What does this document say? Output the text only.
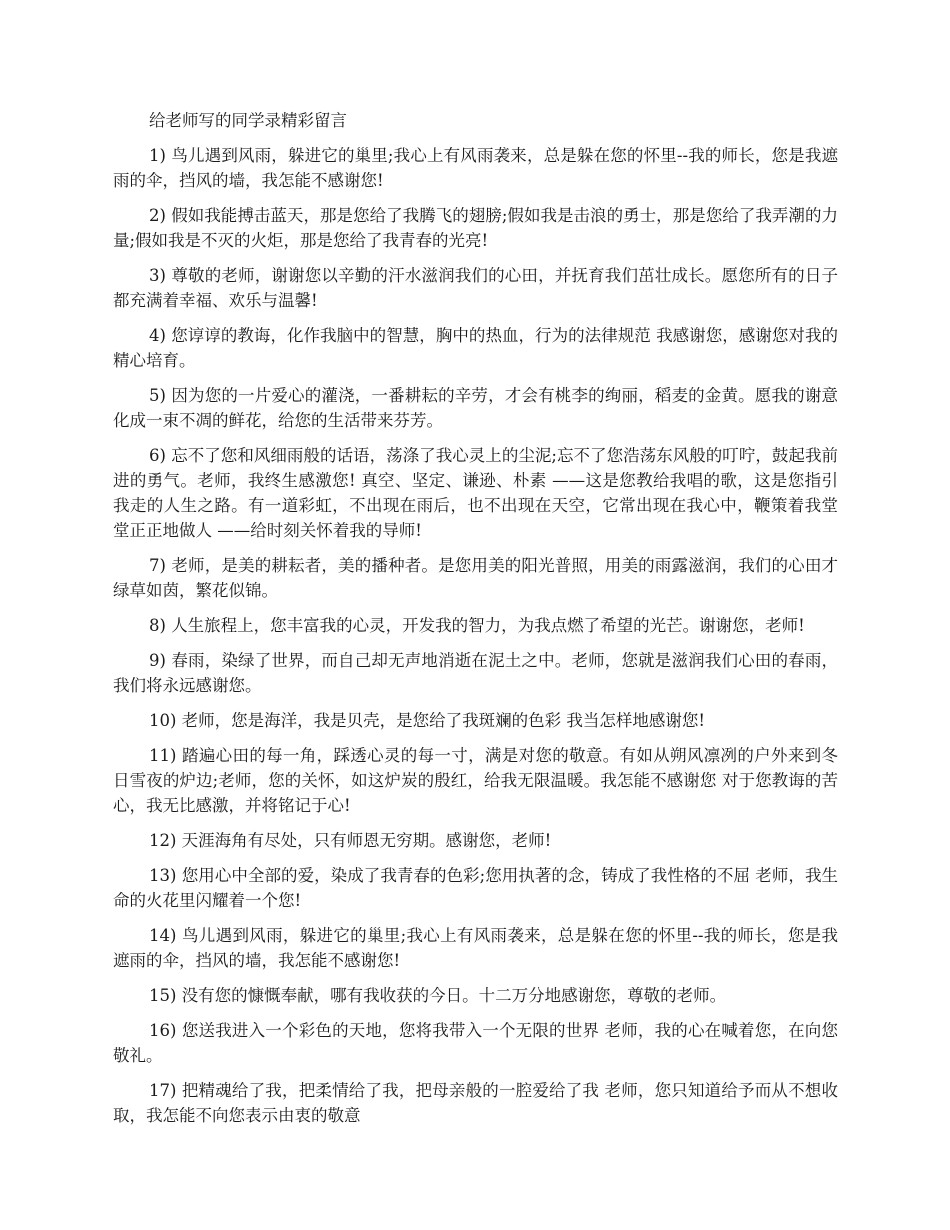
给老师写的同学录精彩留言

1) 鸟儿遇到风雨，躲进它的巢里;我心上有风雨袭来，总是躲在您的怀里--我的师长，您是我遮雨的伞，挡风的墙，我怎能不感谢您!

2) 假如我能搏击蓝天，那是您给了我腾飞的翅膀;假如我是击浪的勇士，那是您给了我弄潮的力量;假如我是不灭的火炬，那是您给了我青春的光亮!

3) 尊敬的老师，谢谢您以辛勤的汗水滋润我们的心田，并抚育我们茁壮成长。愿您所有的日子都充满着幸福、欢乐与温馨!

4) 您谆谆的教诲，化作我脑中的智慧，胸中的热血，行为的法律规范 我感谢您，感谢您对我的精心培育。

5) 因为您的一片爱心的灌浇，一番耕耘的辛劳，才会有桃李的绚丽，稻麦的金黄。愿我的谢意化成一束不凋的鲜花，给您的生活带来芬芳。

6) 忘不了您和风细雨般的话语，荡涤了我心灵上的尘泥;忘不了您浩荡东风般的叮咛，鼓起我前进的勇气。老师，我终生感激您! 真空、坚定、谦逊、朴素 ——这是您教给我唱的歌，这是您指引我走的人生之路。有一道彩虹，不出现在雨后，也不出现在天空，它常出现在我心中，鞭策着我堂堂正正地做人 ——给时刻关怀着我的导师!

7) 老师，是美的耕耘者，美的播种者。是您用美的阳光普照，用美的雨露滋润，我们的心田才绿草如茵，繁花似锦。

8) 人生旅程上，您丰富我的心灵，开发我的智力，为我点燃了希望的光芒。谢谢您，老师!

9) 春雨，染绿了世界，而自己却无声地消逝在泥土之中。老师，您就是滋润我们心田的春雨，我们将永远感谢您。

10) 老师，您是海洋，我是贝壳，是您给了我斑斓的色彩 我当怎样地感谢您!

11) 踏遍心田的每一角，踩透心灵的每一寸，满是对您的敬意。有如从朔风凛冽的户外来到冬日雪夜的炉边;老师，您的关怀，如这炉炭的殷红，给我无限温暖。我怎能不感谢您 对于您教诲的苦心，我无比感激，并将铭记于心!

12) 天涯海角有尽处，只有师恩无穷期。感谢您，老师!

13) 您用心中全部的爱，染成了我青春的色彩;您用执著的念，铸成了我性格的不屈 老师，我生命的火花里闪耀着一个您!

14) 鸟儿遇到风雨，躲进它的巢里;我心上有风雨袭来，总是躲在您的怀里--我的师长，您是我遮雨的伞，挡风的墙，我怎能不感谢您!

15) 没有您的慷慨奉献，哪有我收获的今日。十二万分地感谢您，尊敬的老师。

16) 您送我进入一个彩色的天地，您将我带入一个无限的世界 老师，我的心在喊着您，在向您敬礼。

17) 把精魂给了我，把柔情给了我，把母亲般的一腔爱给了我 老师，您只知道给予而从不想收取，我怎能不向您表示由衷的敬意
